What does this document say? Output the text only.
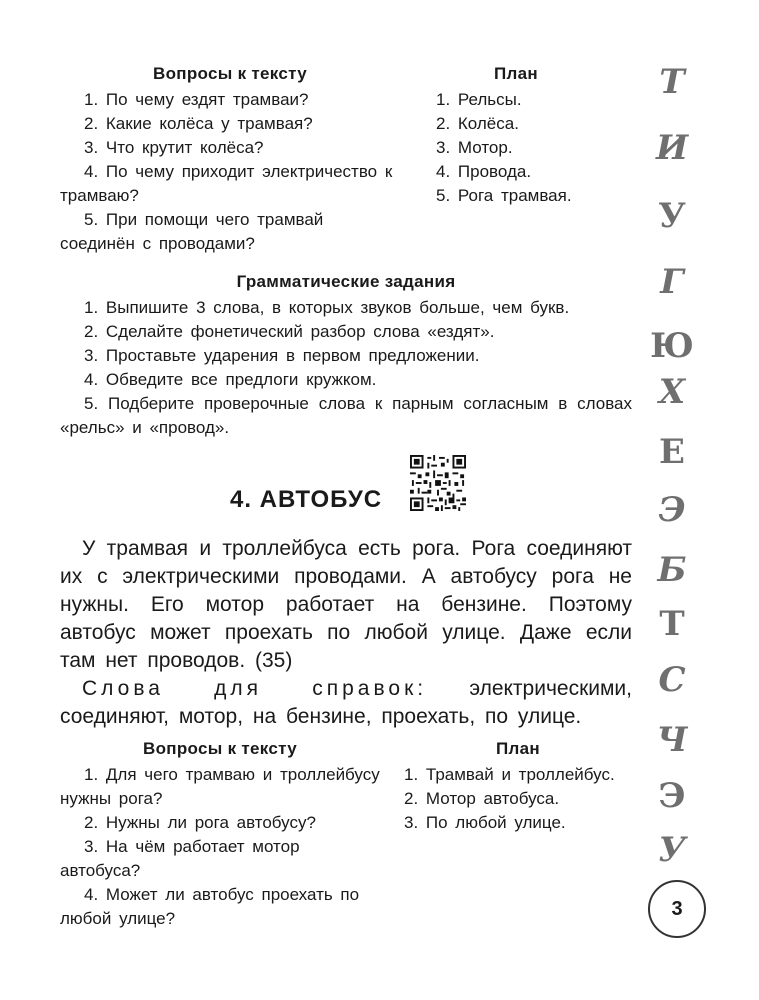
Вопросы к тексту
1. По чему ездят трамваи?
2. Какие колёса у трамвая?
3. Что крутит колёса?
4. По чему приходит электричество к трамваю?
5. При помощи чего трамвай соединён с проводами?
План
1. Рельсы.
2. Колёса.
3. Мотор.
4. Провода.
5. Рога трамвая.
Грамматические задания
1. Выпишите 3 слова, в которых звуков больше, чем букв.
2. Сделайте фонетический разбор слова «ездят».
3. Проставьте ударения в первом предложении.
4. Обведите все предлоги кружком.
5. Подберите проверочные слова к парным согласным в словах «рельс» и «провод».
4. АВТОБУС

У трамвая и троллейбуса есть рога. Рога соединяют их с электрическими проводами. А автобусу рога не нужны. Его мотор работает на бензине. Поэтому автобус может проехать по любой улице. Даже если там нет проводов. (35)

Слова для справок: электрическими, соединяют, мотор, на бензине, проехать, по улице.

Вопросы к тексту
1. Для чего трамваю и троллейбусу нужны рога?
2. Нужны ли рога автобусу?
3. На чём работает мотор автобуса?
4. Может ли автобус проехать по любой улице?
План
1. Трамвай и троллейбус.
2. Мотор автобуса.
3. По любой улице.
Т
И
У
Г
Ю
Х
Е
Э
Б
Т
С
Ч
Э
У
3
